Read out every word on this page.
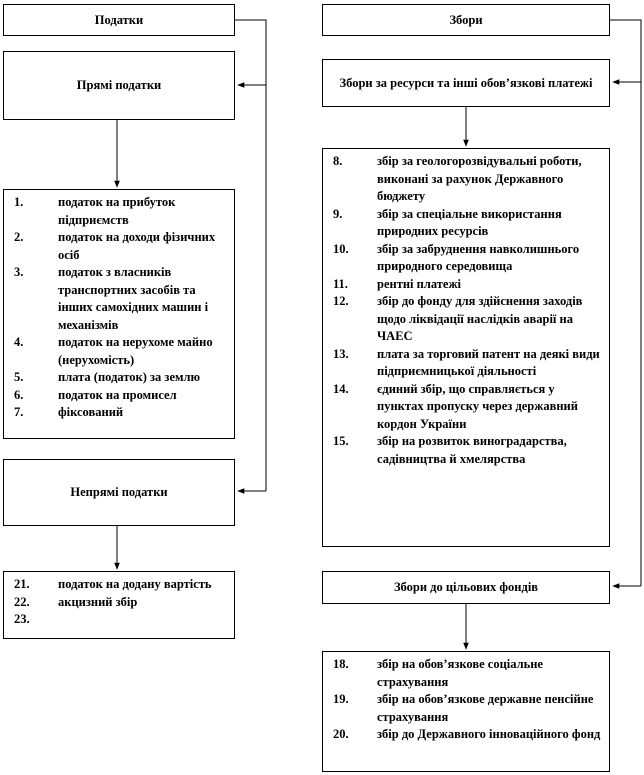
Податки
Прямі податки
1.	податок на прибуток підприємств
2.	податок на доходи фізичних осіб
3.	податок з власників транспортних засобів та інших самохідних машин і механізмів
4.	податок на нерухоме майно (нерухомість)
5.	плата (податок) за землю
6.	податок на промисел
7.	фіксований
Непрямі податки
21.	податок на додану вартість
22.	акцизний збір
23.
Збори
Збори за ресурси та інші обов’язкові платежі
8.	збір за геологорозвідувальні роботи, виконані за рахунок Державного бюджету
9.	збір за спеціальне використання природних ресурсів
10.	збір за забруднення навколишнього природного середовища
11.	рентні платежі
12.	збір до фонду для здійснення заходів щодо ліквідації наслідків аварії на ЧАЕС
13.	плата за торговий патент на деякі види підприємницької діяльності
14.	єдиний збір, що справляється у пунктах пропуску через державний кордон України
15.	збір на розвиток виноградарства, садівництва й хмелярства
Збори до цільових фондів
18.	збір на обов’язкове соціальне страхування
19.	збір на обов’язкове державне пенсійне страхування
20.	збір до Державного інноваційного фонд
